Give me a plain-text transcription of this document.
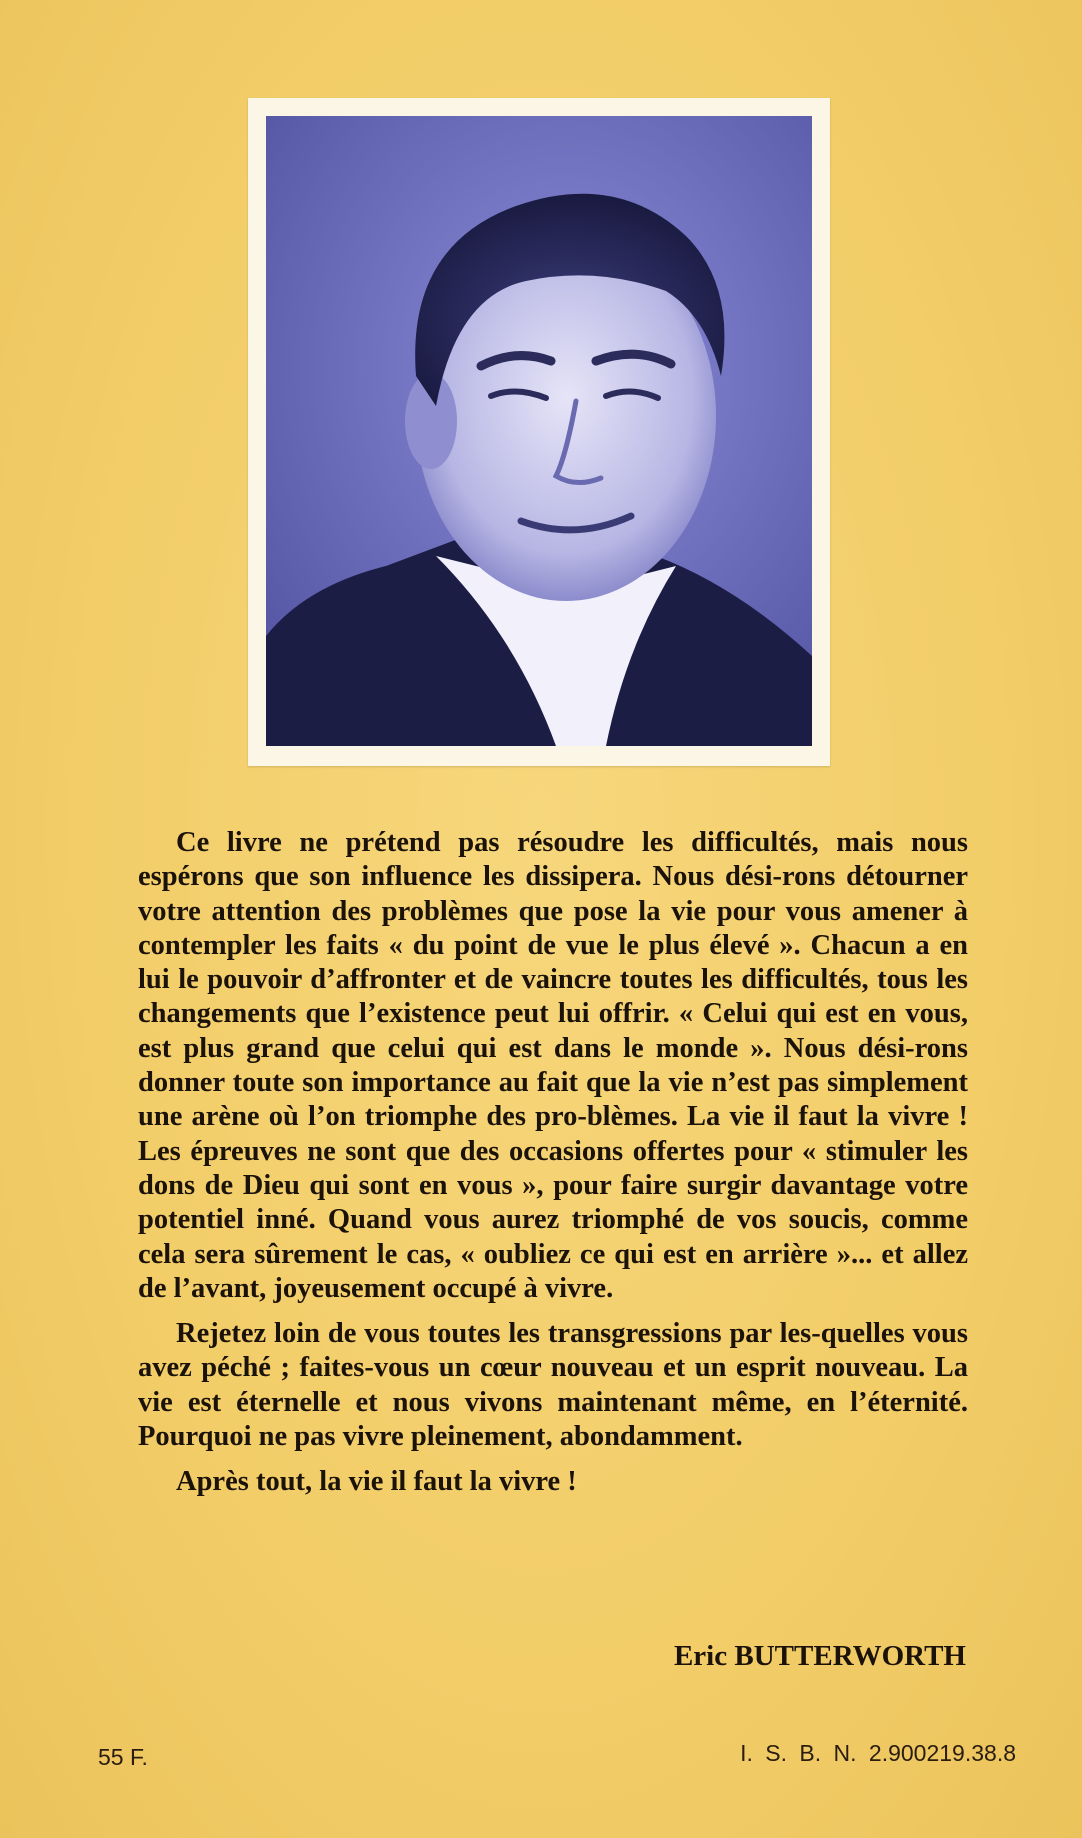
Ce livre ne prétend pas résoudre les difficultés, mais nous espérons que son influence les dissipera. Nous dési-rons détourner votre attention des problèmes que pose la vie pour vous amener à contempler les faits « du point de vue le plus élevé ». Chacun a en lui le pouvoir d’affronter et de vaincre toutes les difficultés, tous les changements que l’existence peut lui offrir. « Celui qui est en vous, est plus grand que celui qui est dans le monde ». Nous dési-rons donner toute son importance au fait que la vie n’est pas simplement une arène où l’on triomphe des pro-blèmes. La vie il faut la vivre ! Les épreuves ne sont que des occasions offertes pour « stimuler les dons de Dieu qui sont en vous », pour faire surgir davantage votre potentiel inné. Quand vous aurez triomphé de vos soucis, comme cela sera sûrement le cas, « oubliez ce qui est en arrière »... et allez de l’avant, joyeusement occupé à vivre.

Rejetez loin de vous toutes les transgressions par les-quelles vous avez péché ; faites-vous un cœur nouveau et un esprit nouveau. La vie est éternelle et nous vivons maintenant même, en l’éternité. Pourquoi ne pas vivre pleinement, abondamment.

Après tout, la vie il faut la vivre !

Eric BUTTERWORTH
55 F.	I. S. B. N. 2.900219.38.8
